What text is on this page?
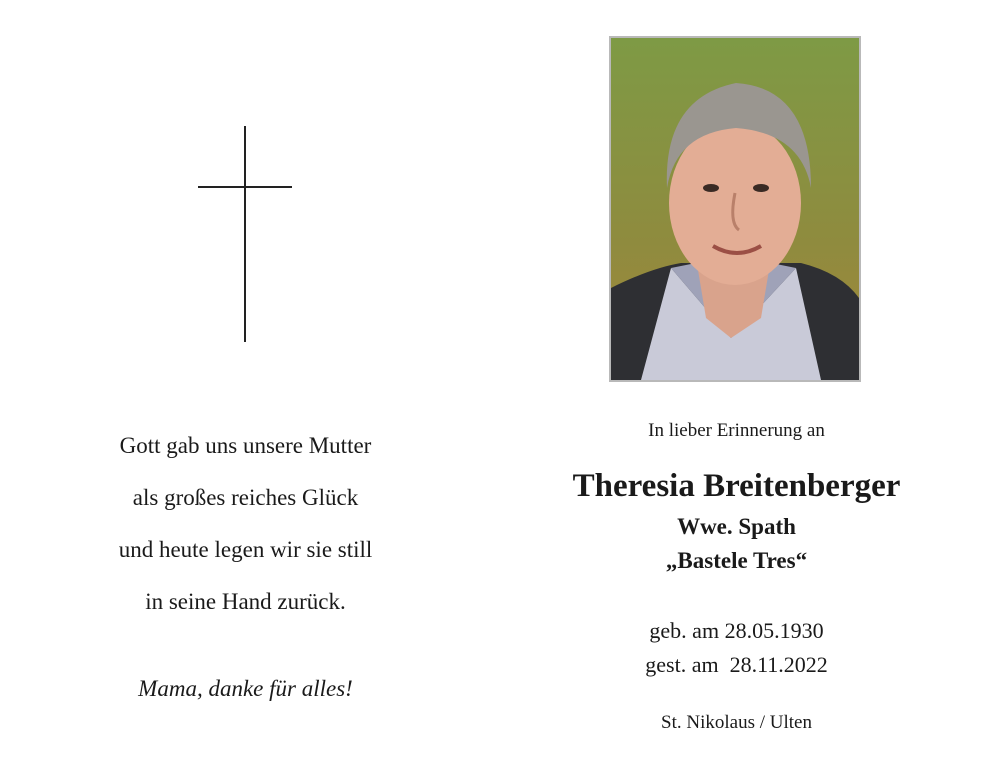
Gott gab uns unsere Mutter
als großes reiches Glück
und heute legen wir sie still
in seine Hand zurück.
Mama, danke für alles!
In lieber Erinnerung an
Theresia Breitenberger
Wwe. Spath
„Bastele Tres“
geb. am 28.05.1930
gest. am  28.11.2022
St. Nikolaus / Ulten
